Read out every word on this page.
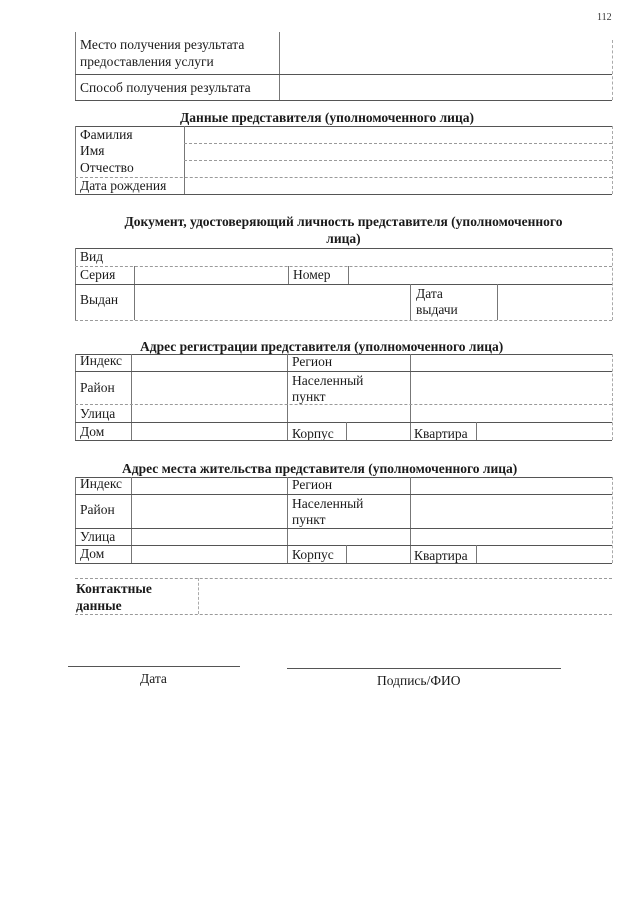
112
Место получения результата
предоставления услуги
Способ получения результата
Данные представителя (уполномоченного лица)
Фамилия
Имя
Отчество
Дата рождения
Документ, удостоверяющий личность представителя (уполномоченного
лица)
Вид
Серия	Номер
Выдан	Дата
выдачи
Адрес регистрации представителя (уполномоченного лица)
Индекс	Регион
Район	Населенный
пункт
Улица
Дом	Корпус	Квартира
Адрес места жительства представителя (уполномоченного лица)
Индекс	Регион
Район	Населенный
пункт
Улица
Дом	Корпус	Квартира
Контактные
данные
Дата	Подпись/ФИО
